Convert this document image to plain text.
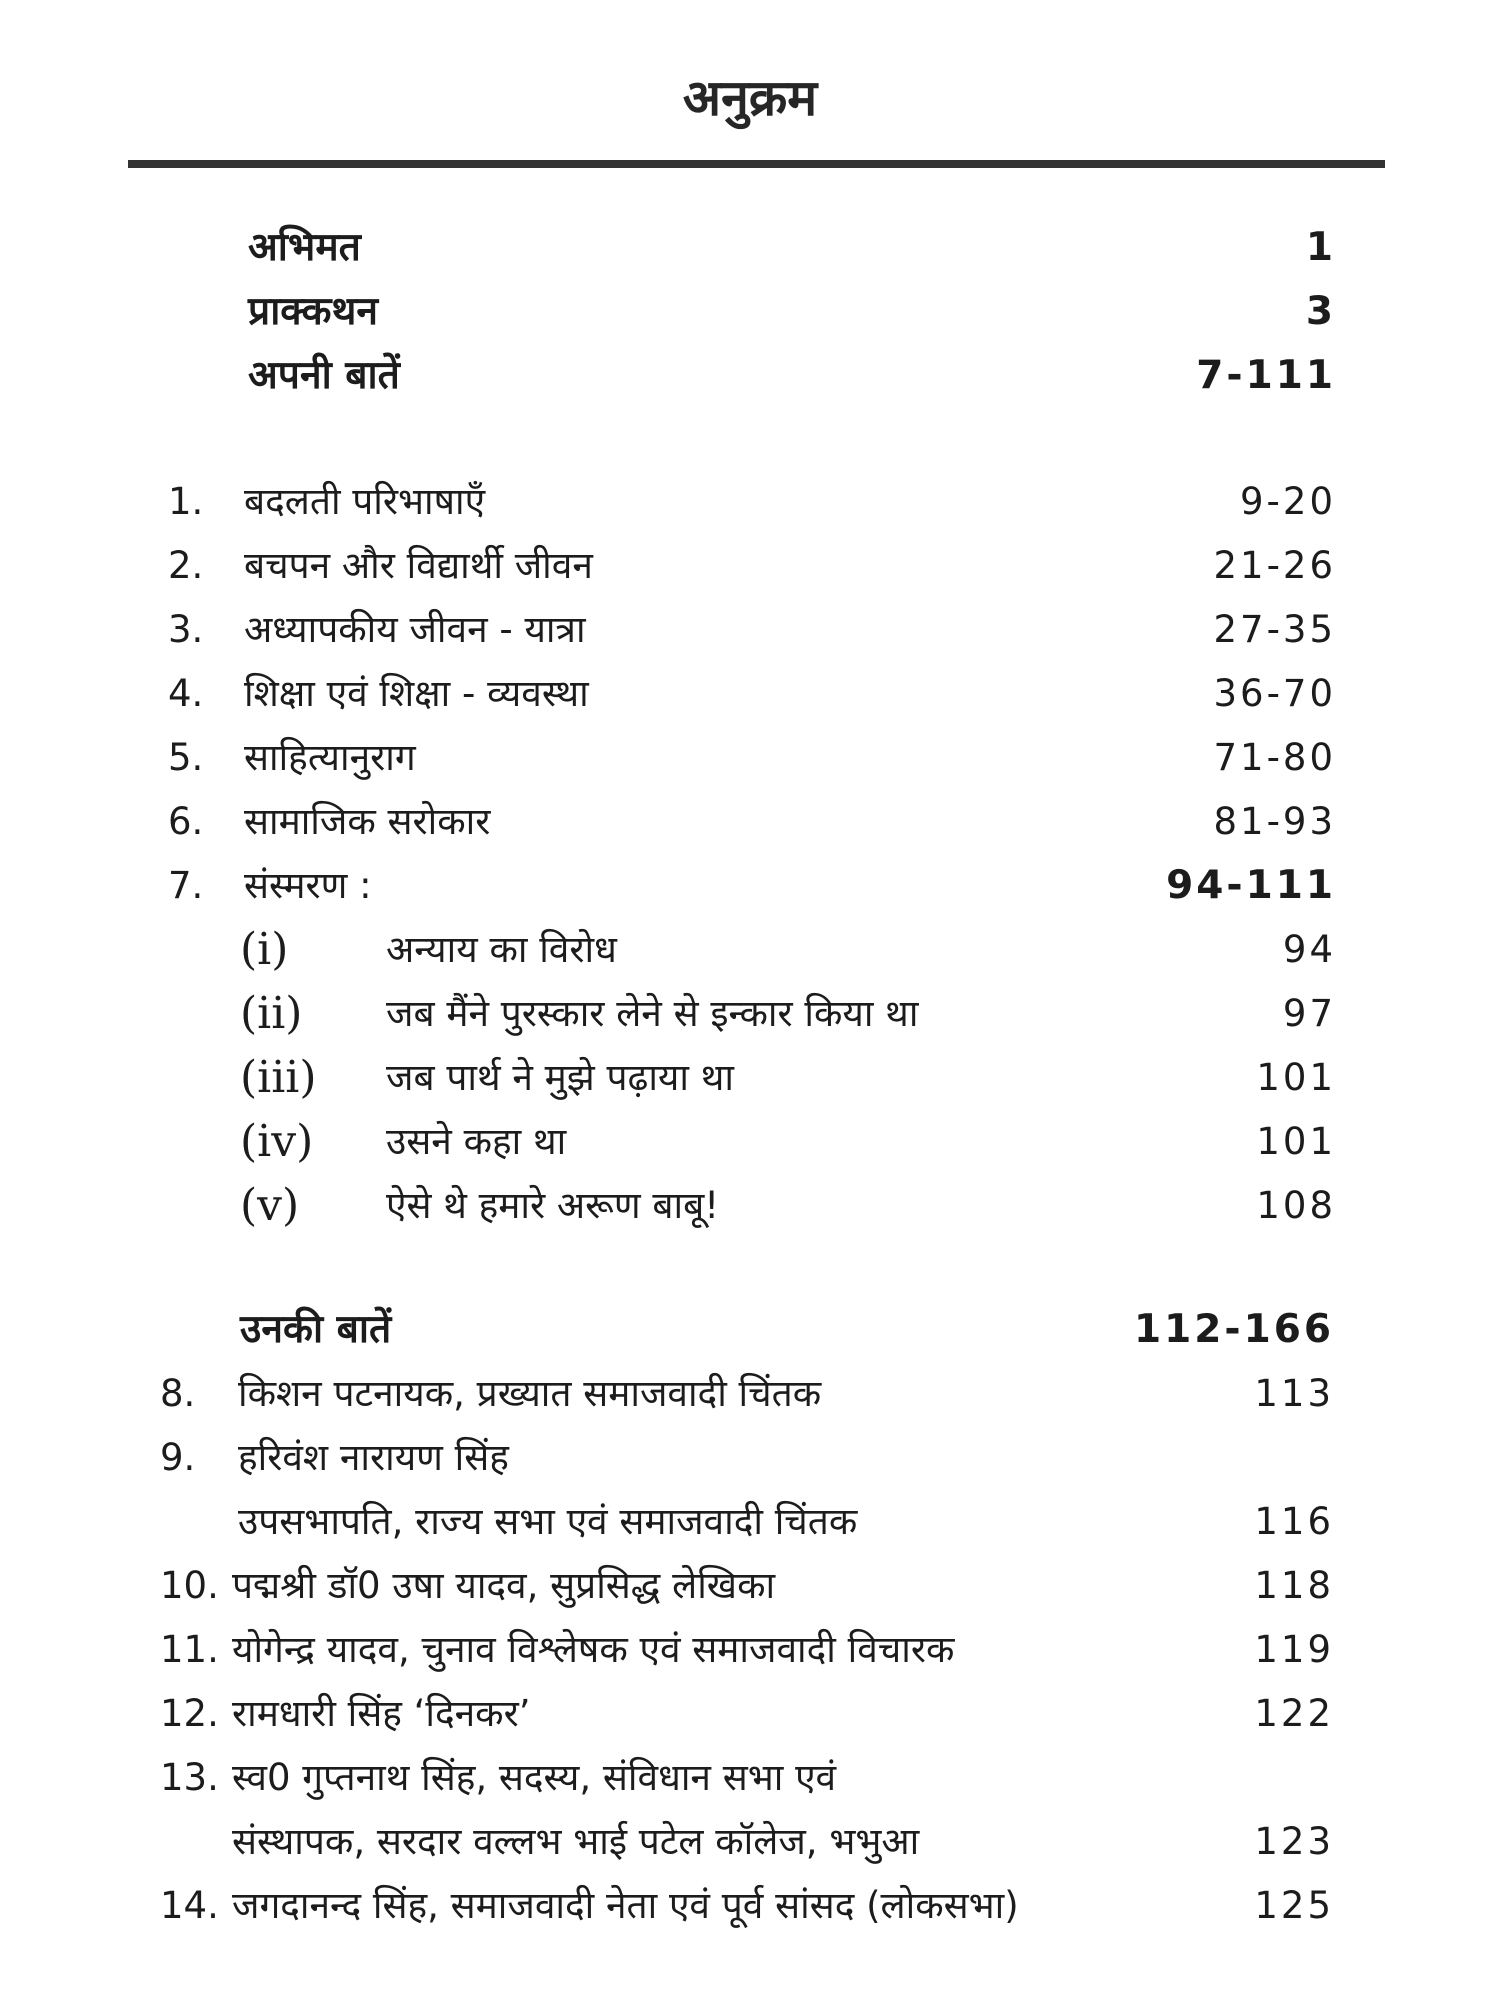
अनुक्रम
अभिमत	1
प्राक्कथन	3
अपनी बातें	7-111
1. बदलती परिभाषाएँ	9-20
2. बचपन और विद्यार्थी जीवन	21-26
3. अध्यापकीय जीवन - यात्रा	27-35
4. शिक्षा एवं शिक्षा - व्यवस्था	36-70
5. साहित्यानुराग	71-80
6. सामाजिक सरोकार	81-93
7. संस्मरण :	94-111
(i)	अन्याय का विरोध	94
(ii) जब मैंने पुरस्कार लेने से इन्कार किया था	97
(iii) जब पार्थ ने मुझे पढ़ाया था	101
(iv) उसने कहा था	101
(v) ऐसे थे हमारे अरूण बाबू!	108
उनकी बातें	112-166
8. किशन पटनायक, प्रख्यात समाजवादी चिंतक	113
9. हरिवंश नारायण सिंह
उपसभापति, राज्य सभा एवं समाजवादी चिंतक	116
10. पद्मश्री डॉ0 उषा यादव, सुप्रसिद्ध लेखिका	118
11. योगेन्द्र यादव, चुनाव विश्लेषक एवं समाजवादी विचारक	119
12. रामधारी सिंह ‘दिनकर’	122
13. स्व0 गुप्तनाथ सिंह, सदस्य, संविधान सभा एवं
संस्थापक, सरदार वल्लभ भाई पटेल कॉलेज, भभुआ	123
14. जगदानन्द सिंह, समाजवादी नेता एवं पूर्व सांसद (लोकसभा)	125
